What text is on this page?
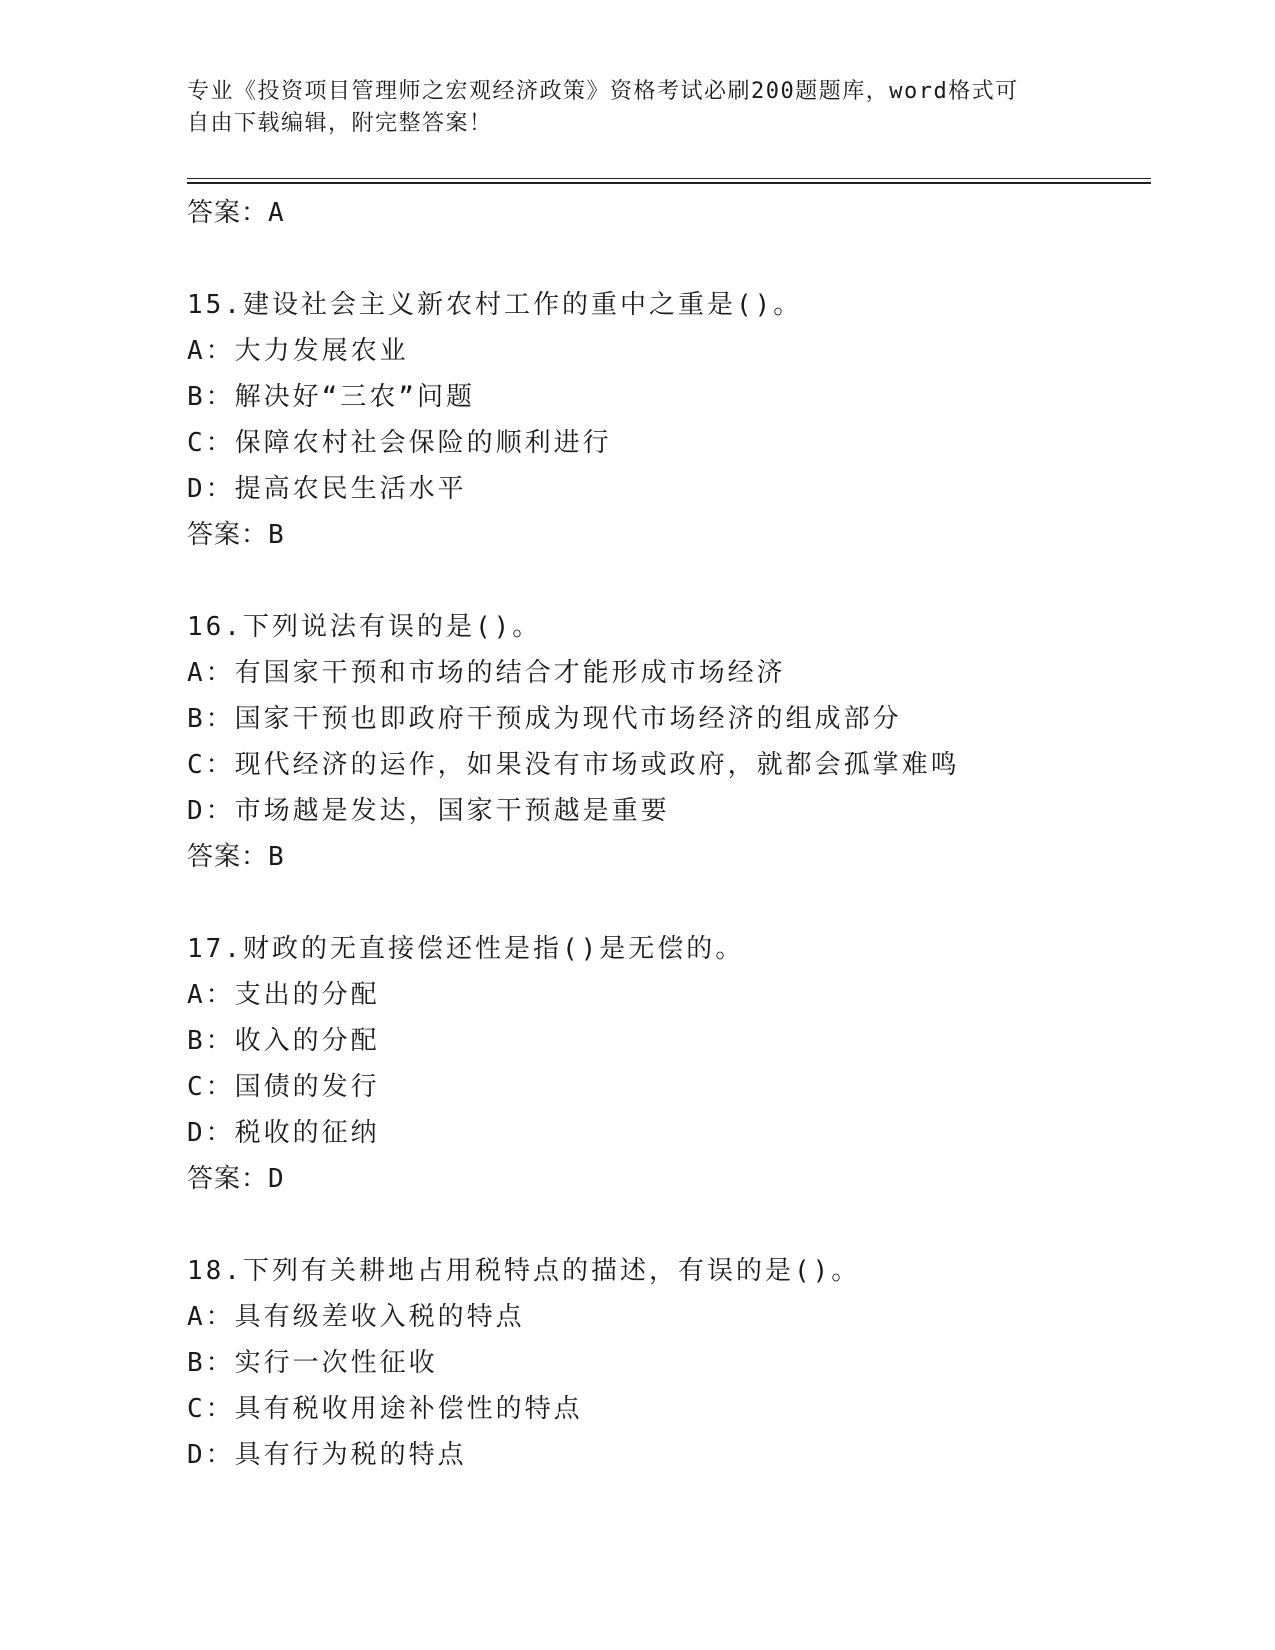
专业《投资项目管理师之宏观经济政策》资格考试必刷200题题库，word格式可
自由下载编辑，附完整答案！

答案：A

15.建设社会主义新农村工作的重中之重是()。

A：大力发展农业

B：解决好“三农”问题

C：保障农村社会保险的顺利进行

D：提高农民生活水平

答案：B

16.下列说法有误的是()。

A：有国家干预和市场的结合才能形成市场经济

B：国家干预也即政府干预成为现代市场经济的组成部分

C：现代经济的运作，如果没有市场或政府，就都会孤掌难鸣

D：市场越是发达，国家干预越是重要

答案：B

17.财政的无直接偿还性是指()是无偿的。

A：支出的分配

B：收入的分配

C：国债的发行

D：税收的征纳

答案：D

18.下列有关耕地占用税特点的描述，有误的是()。

A：具有级差收入税的特点

B：实行一次性征收

C：具有税收用途补偿性的特点

D：具有行为税的特点
